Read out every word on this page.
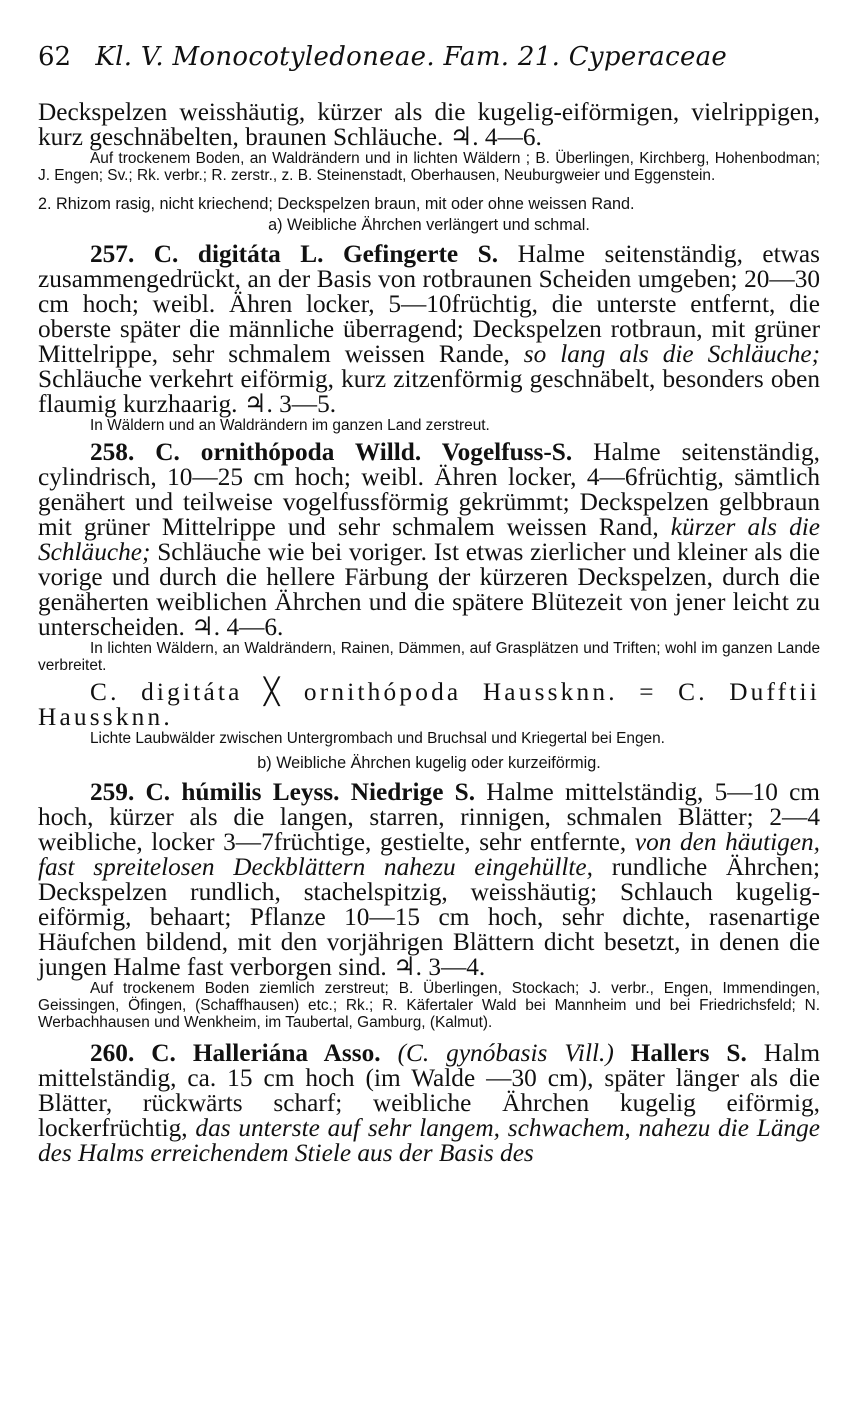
62 Kl. V. Monocotyledoneae. Fam. 21. Cyperaceae

Deckspelzen weisshäutig, kürzer als die kugelig-eiförmigen, vielrippigen, kurz geschnäbelten, braunen Schläuche. ♃. 4—6.

Auf trockenem Boden, an Waldrändern und in lichten Wäldern ; B. Überlingen, Kirchberg, Hohenbodman; J. Engen; Sv.; Rk. verbr.; R. zerstr., z. B. Steinenstadt, Oberhausen, Neuburgweier und Eggenstein.

2. Rhizom rasig, nicht kriechend; Deckspelzen braun, mit oder ohne weissen Rand.

a) Weibliche Ährchen verlängert und schmal.

257. C. digitáta L. Gefingerte S. Halme seitenständig, etwas zusammengedrückt, an der Basis von rotbraunen Scheiden umgeben; 20—30 cm hoch; weibl. Ähren locker, 5—10früchtig, die unterste entfernt, die oberste später die männliche überragend; Deckspelzen rotbraun, mit grüner Mittelrippe, sehr schmalem weissen Rande, so lang als die Schläuche; Schläuche verkehrt eiförmig, kurz zitzenförmig geschnäbelt, besonders oben flaumig kurzhaarig. ♃. 3—5.

In Wäldern und an Waldrändern im ganzen Land zerstreut.

258. C. ornithópoda Willd. Vogelfuss-S. Halme seitenständig, cylindrisch, 10—25 cm hoch; weibl. Ähren locker, 4—6früchtig, sämtlich genähert und teilweise vogelfussförmig gekrümmt; Deckspelzen gelbbraun mit grüner Mittelrippe und sehr schmalem weissen Rand, kürzer als die Schläuche; Schläuche wie bei voriger. Ist etwas zierlicher und kleiner als die vorige und durch die hellere Färbung der kürzeren Deckspelzen, durch die genäherten weiblichen Ährchen und die spätere Blütezeit von jener leicht zu unterscheiden. ♃. 4—6.

In lichten Wäldern, an Waldrändern, Rainen, Dämmen, auf Grasplätzen und Triften; wohl im ganzen Lande verbreitet.

C. digitáta ╳ ornithópoda Haussknn. = C. Dufftii Haussknn.

Lichte Laubwälder zwischen Untergrombach und Bruchsal und Kriegertal bei Engen.

b) Weibliche Ährchen kugelig oder kurzeiförmig.

259. C. húmilis Leyss. Niedrige S. Halme mittelständig, 5—10 cm hoch, kürzer als die langen, starren, rinnigen, schmalen Blätter; 2—4 weibliche, locker 3—7früchtige, gestielte, sehr entfernte, von den häutigen, fast spreitelosen Deckblättern nahezu eingehüllte, rundliche Ährchen; Deckspelzen rundlich, stachelspitzig, weisshäutig; Schlauch kugelig-eiförmig, behaart; Pflanze 10—15 cm hoch, sehr dichte, rasenartige Häufchen bildend, mit den vorjährigen Blättern dicht besetzt, in denen die jungen Halme fast verborgen sind. ♃. 3—4.

Auf trockenem Boden ziemlich zerstreut; B. Überlingen, Stockach; J. verbr., Engen, Immendingen, Geissingen, Öfingen, (Schaffhausen) etc.; Rk.; R. Käfertaler Wald bei Mannheim und bei Friedrichsfeld; N. Werbachhausen und Wenkheim, im Taubertal, Gamburg, (Kalmut).

260. C. Halleriána Asso. (C. gynóbasis Vill.) Hallers S. Halm mittelständig, ca. 15 cm hoch (im Walde —30 cm), später länger als die Blätter, rückwärts scharf; weibliche Ährchen kugelig eiförmig, lockerfrüchtig, das unterste auf sehr langem, schwachem, nahezu die Länge des Halms erreichendem Stiele aus der Basis des
